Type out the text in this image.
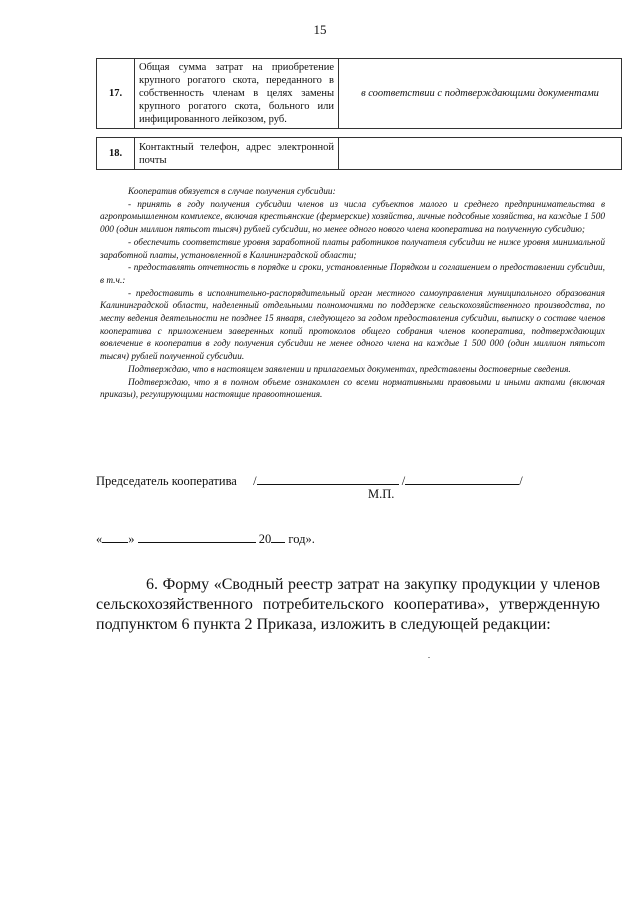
15
17.	Общая сумма затрат на приобретение крупного рогатого скота, переданного в собственность членам в целях замены крупного рогатого скота, больного или инфицированного лейкозом, руб.	в соответствии с подтверждающими документами
18.	Контактный телефон, адрес электронной почты	

Кооператив обязуется в случае получения субсидии:

- принять в году получения субсидии членов из числа субъектов малого и среднего предпринимательства в агропромышленном комплексе, включая крестьянские (фермерские) хозяйства, личные подсобные хозяйства, на каждые 1 500 000 (один миллион пятьсот тысяч) рублей субсидии, но менее одного нового члена кооператива на полученную субсидию;

- обеспечить соответствие уровня заработной платы работников получателя субсидии не ниже уровня минимальной заработной платы, установленной в Калининградской области;

- предоставлять отчетность в порядке и сроки, установленные Порядком и соглашением о предоставлении субсидии, в т.ч.:

- предоставить в исполнительно-распорядительный орган местного самоуправления муниципального образования Калининградской области, наделенный отдельными полномочиями по поддержке сельскохозяйственного производства, по месту ведения деятельности не позднее 15 января, следующего за годом предоставления субсидии, выписку о составе членов кооператива с приложением заверенных копий протоколов общего собрания членов кооператива, подтверждающих вовлечение в кооператив в году получения субсидии не менее одного члена на каждые 1 500 000 (один миллион пятьсот тысяч) рублей полученной субсидии.

Подтверждаю, что в настоящем заявлении и прилагаемых документах, представлены достоверные сведения.

Подтверждаю, что я в полном объеме ознакомлен со всеми нормативными правовыми и иными актами (включая приказы), регулирующими настоящие правоотношения.

Председатель кооператива /	/	/
М.П.
« »	20 год».
6. Форму «Сводный реестр затрат на закупку продукции у членов сельскохозяйственного потребительского кооператива», утвержденную подпунктом 6 пункта 2 Приказа, изложить в следующей редакции:
